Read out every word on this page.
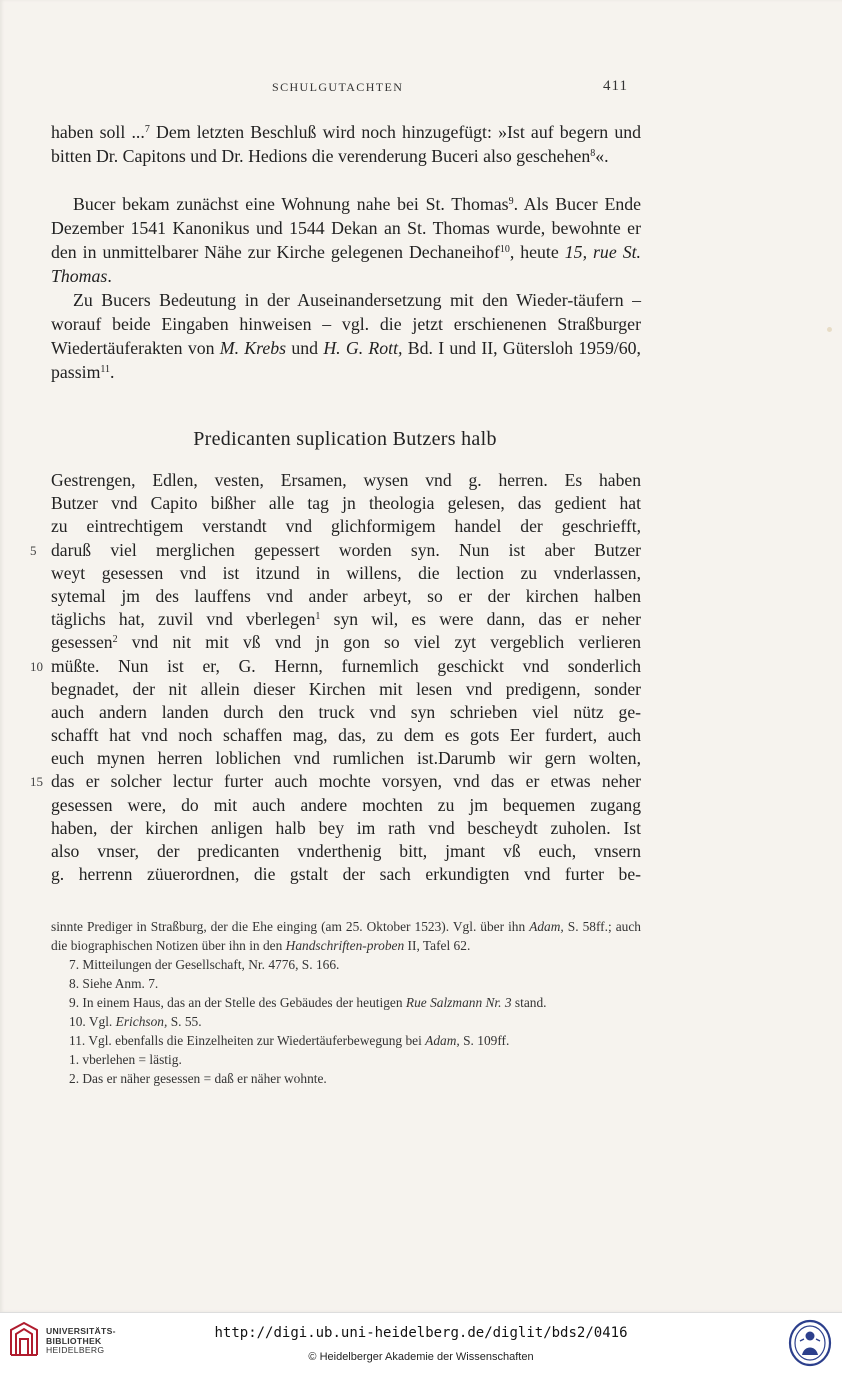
SCHULGUTACHTEN	411

haben soll ...$^7$ Dem letzten Beschluß wird noch hinzugefügt: »Ist auf begern und bitten Dr. Capitons und Dr. Hedions die verenderung Buceri also geschehen$^8$«.

Bucer bekam zunächst eine Wohnung nahe bei St. Thomas$^9$. Als Bucer Ende Dezember 1541 Kanonikus und 1544 Dekan an St. Thomas wurde, bewohnte er den in unmittelbarer Nähe zur Kirche gelegenen Dechaneihof$^{10}$, heute 15, rue St. Thomas.

Zu Bucers Bedeutung in der Auseinandersetzung mit den Wieder-täufern – worauf beide Eingaben hinweisen – vgl. die jetzt erschienenen Straßburger Wiedertäuferakten von M. Krebs und H. G. Rott, Bd. I und II, Gütersloh 1959/60, passim$^{11}$.

Predicanten suplication Butzers halb
Gestrengen, Edlen, vesten, Ersamen, wysen vnd g. herren. Es haben
Butzer vnd Capito bißher alle tag jn theologia gelesen, das gedient hat
zu eintrechtigem verstandt vnd glichformigem handel der geschriefft,
5 daruß viel merglichen gepessert worden syn. Nun ist aber Butzer
weyt gesessen vnd ist itzund in willens, die lection zu vnderlassen,
sytemal jm des lauffens vnd ander arbeyt, so er der kirchen halben
täglichs hat, zuvil vnd vberlegen$^1$ syn wil, es were dann, das er neher
gesessen$^2$ vnd nit mit vß vnd jn gon so viel zyt vergeblich verlieren
10 müßte. Nun ist er, G. Hernn, furnemlich geschickt vnd sonderlich
begnadet, der nit allein dieser Kirchen mit lesen vnd predigenn, sonder
auch andern landen durch den truck vnd syn schrieben viel nütz ge-
schafft hat vnd noch schaffen mag, das, zu dem es gots Eer furdert, auch
euch mynen herren loblichen vnd rumlichen ist.Darumb wir gern wolten,
15 das er solcher lectur furter auch mochte vorsyen, vnd das er etwas neher
gesessen were, do mit auch andere mochten zu jm bequemen zugang
haben, der kirchen anligen halb bey im rath vnd bescheydt zuholen. Ist
also vnser, der predicanten vnderthenig bitt, jmant vß euch, vnsern
g. herrenn züuerordnen, die gstalt der sach erkundigten vnd furter be-

sinnte Prediger in Straßburg, der die Ehe einging (am 25. Oktober 1523). Vgl. über ihn Adam, S. 58ff.; auch die biographischen Notizen über ihn in den Handschriften-proben II, Tafel 62.

7. Mitteilungen der Gesellschaft, Nr. 4776, S. 166.

8. Siehe Anm. 7.

9. In einem Haus, das an der Stelle des Gebäudes der heutigen Rue Salzmann Nr. 3 stand.

10. Vgl. Erichson, S. 55.

11. Vgl. ebenfalls die Einzelheiten zur Wiedertäuferbewegung bei Adam, S. 109ff.

1. vberlehen = lästig.

2. Das er näher gesessen = daß er näher wohnte.

UNIVERSITÄTS-
BIBLIOTHEK
HEIDELBERG
http://digi.ub.uni-heidelberg.de/diglit/bds2/0416
© Heidelberger Akademie der Wissenschaften
